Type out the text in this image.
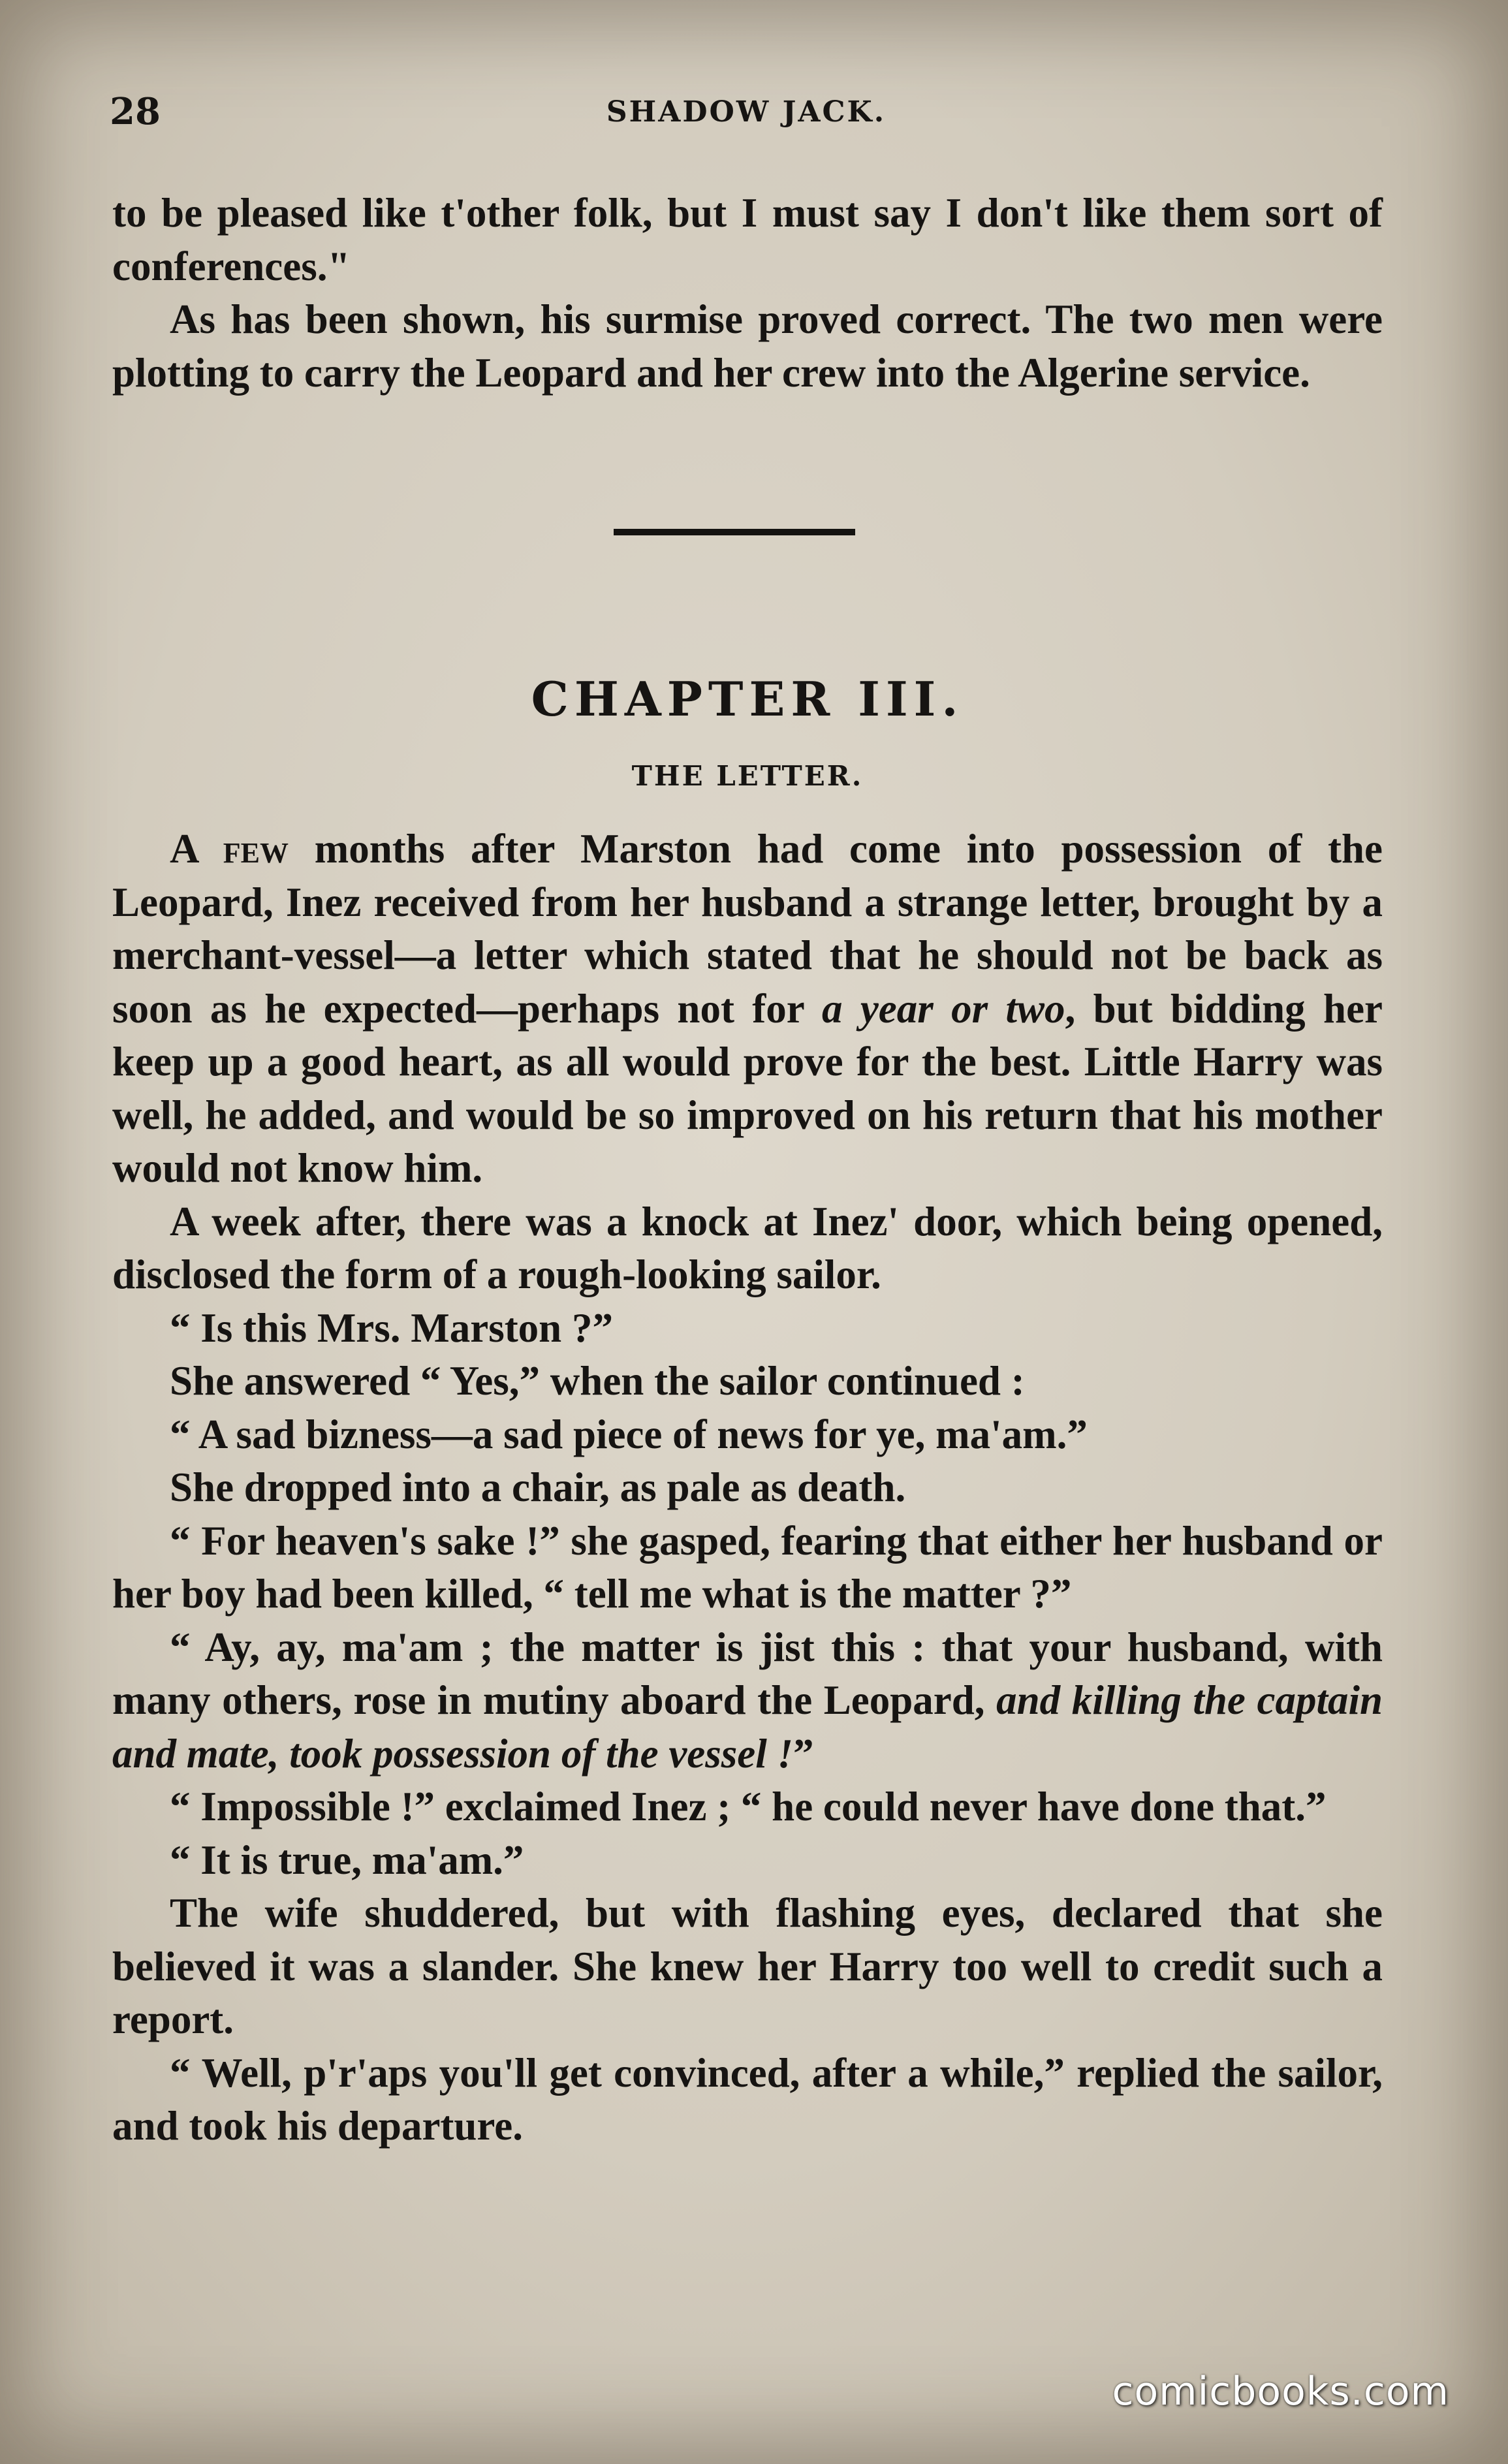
28	SHADOW JACK.

to be pleased like t'other folk, but I must say I don't like them sort of conferences."

As has been shown, his surmise proved correct. The two men were plotting to carry the Leopard and her crew into the Algerine service.

CHAPTER III.
THE LETTER.

A few months after Marston had come into possession of the Leopard, Inez received from her husband a strange letter, brought by a merchant-vessel—a letter which stated that he should not be back as soon as he expected—perhaps not for a year or two, but bidding her keep up a good heart, as all would prove for the best. Little Harry was well, he added, and would be so improved on his return that his mother would not know him.

A week after, there was a knock at Inez' door, which being opened, disclosed the form of a rough-looking sailor.

“ Is this Mrs. Marston ?”

She answered “ Yes,” when the sailor continued :

“ A sad bizness—a sad piece of news for ye, ma'am.”

She dropped into a chair, as pale as death.

“ For heaven's sake !” she gasped, fearing that either her husband or her boy had been killed, “ tell me what is the matter ?”

“ Ay, ay, ma'am ; the matter is jist this : that your husband, with many others, rose in mutiny aboard the Leopard, and killing the captain and mate, took possession of the vessel !”

“ Impossible !” exclaimed Inez ; “ he could never have done that.”

“ It is true, ma'am.”

The wife shuddered, but with flashing eyes, declared that she believed it was a slander. She knew her Harry too well to credit such a report.

“ Well, p'r'aps you'll get convinced, after a while,” replied the sailor, and took his departure.

comicbooks.com
